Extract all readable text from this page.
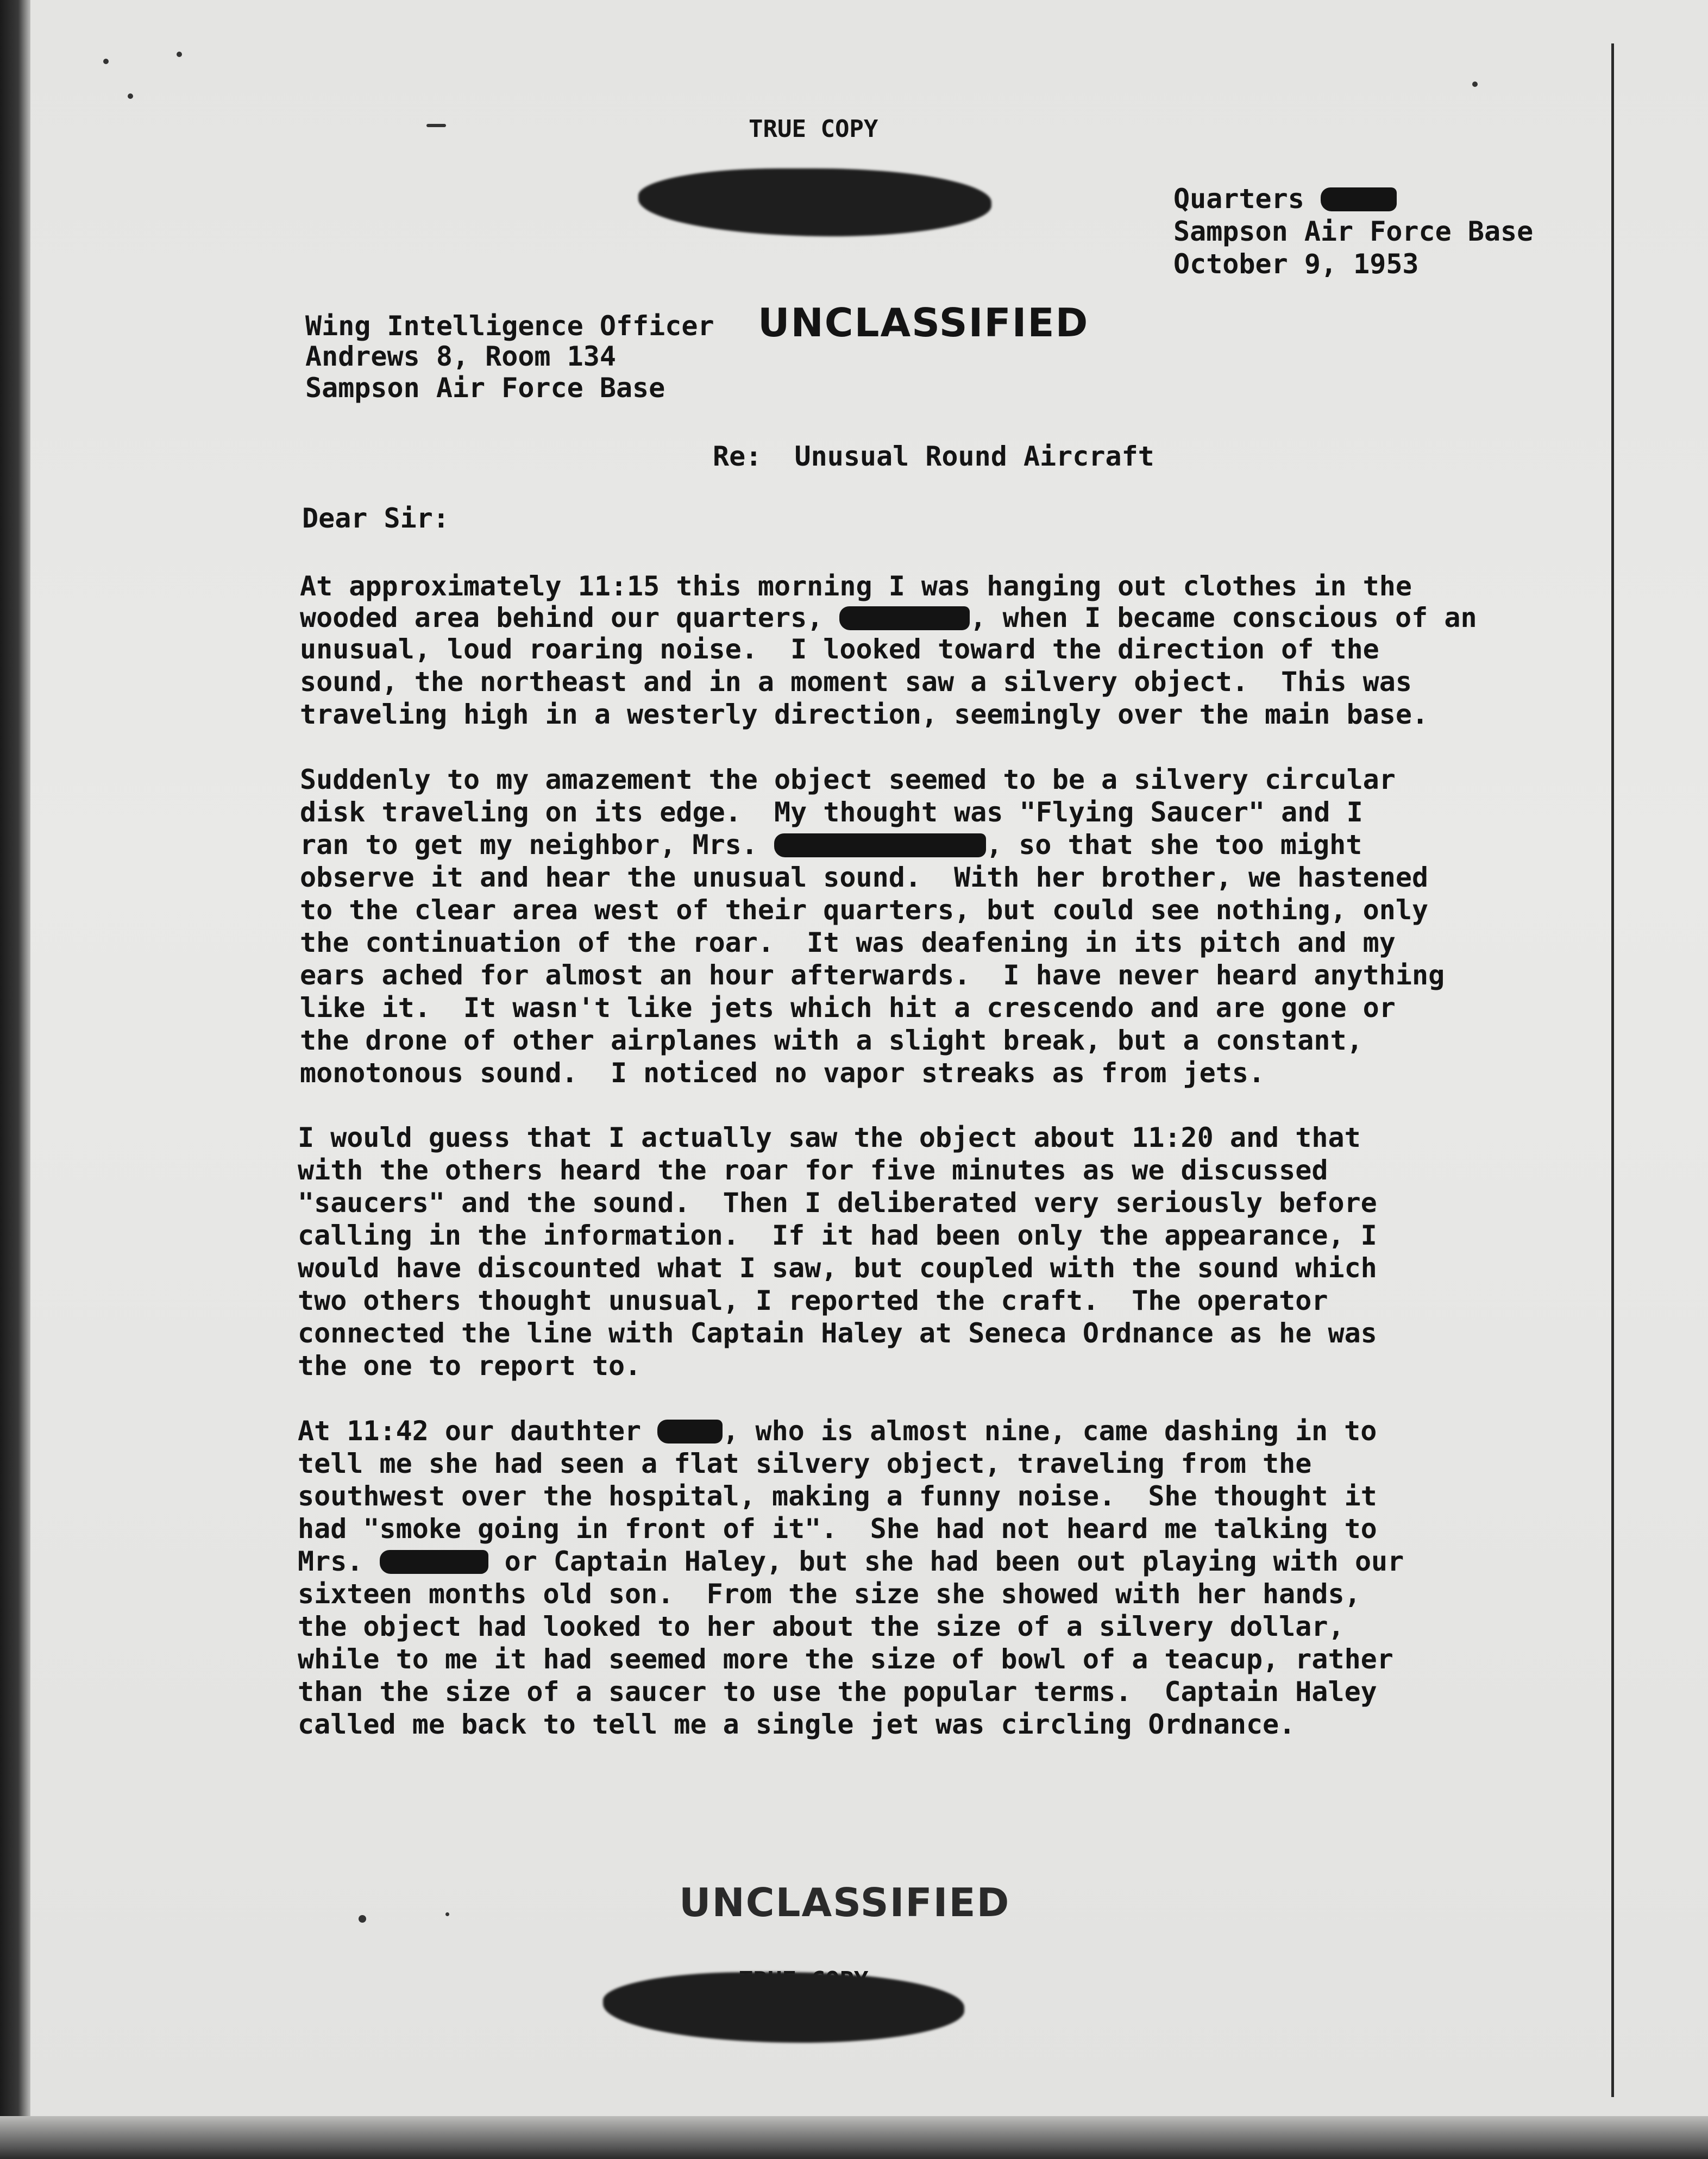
TRUE COPY
Quarters
Sampson Air Force Base
October 9, 1953
Wing Intelligence Officer
Andrews 8, Room 134
Sampson Air Force Base
UNCLASSIFIED
Re:  Unusual Round Aircraft
Dear Sir:
At approximately 11:15 this morning I was hanging out clothes in the
wooded area behind our quarters,	, when I became conscious of an
unusual, loud roaring noise.  I looked toward the direction of the
sound, the northeast and in a moment saw a silvery object.  This was
traveling high in a westerly direction, seemingly over the main base.
Suddenly to my amazement the object seemed to be a silvery circular
disk traveling on its edge.  My thought was "Flying Saucer" and I
ran to get my neighbor, Mrs.	, so that she too might
observe it and hear the unusual sound.  With her brother, we hastened
to the clear area west of their quarters, but could see nothing, only
the continuation of the roar.  It was deafening in its pitch and my
ears ached for almost an hour afterwards.  I have never heard anything
like it.  It wasn't like jets which hit a crescendo and are gone or
the drone of other airplanes with a slight break, but a constant,
monotonous sound.  I noticed no vapor streaks as from jets.
I would guess that I actually saw the object about 11:20 and that
with the others heard the roar for five minutes as we discussed
"saucers" and the sound.  Then I deliberated very seriously before
calling in the information.  If it had been only the appearance, I
would have discounted what I saw, but coupled with the sound which
two others thought unusual, I reported the craft.  The operator
connected the line with Captain Haley at Seneca Ordnance as he was
the one to report to.
At 11:42 our dauthter , who is almost nine, came dashing in to
tell me she had seen a flat silvery object, traveling from the
southwest over the hospital, making a funny noise.  She thought it
had "smoke going in front of it".  She had not heard me talking to
Mrs.	or Captain Haley, but she had been out playing with our
sixteen months old son.  From the size she showed with her hands,
the object had looked to her about the size of a silvery dollar,
while to me it had seemed more the size of bowl of a teacup, rather
than the size of a saucer to use the popular terms.  Captain Haley
called me back to tell me a single jet was circling Ordnance.
UNCLASSIFIED
